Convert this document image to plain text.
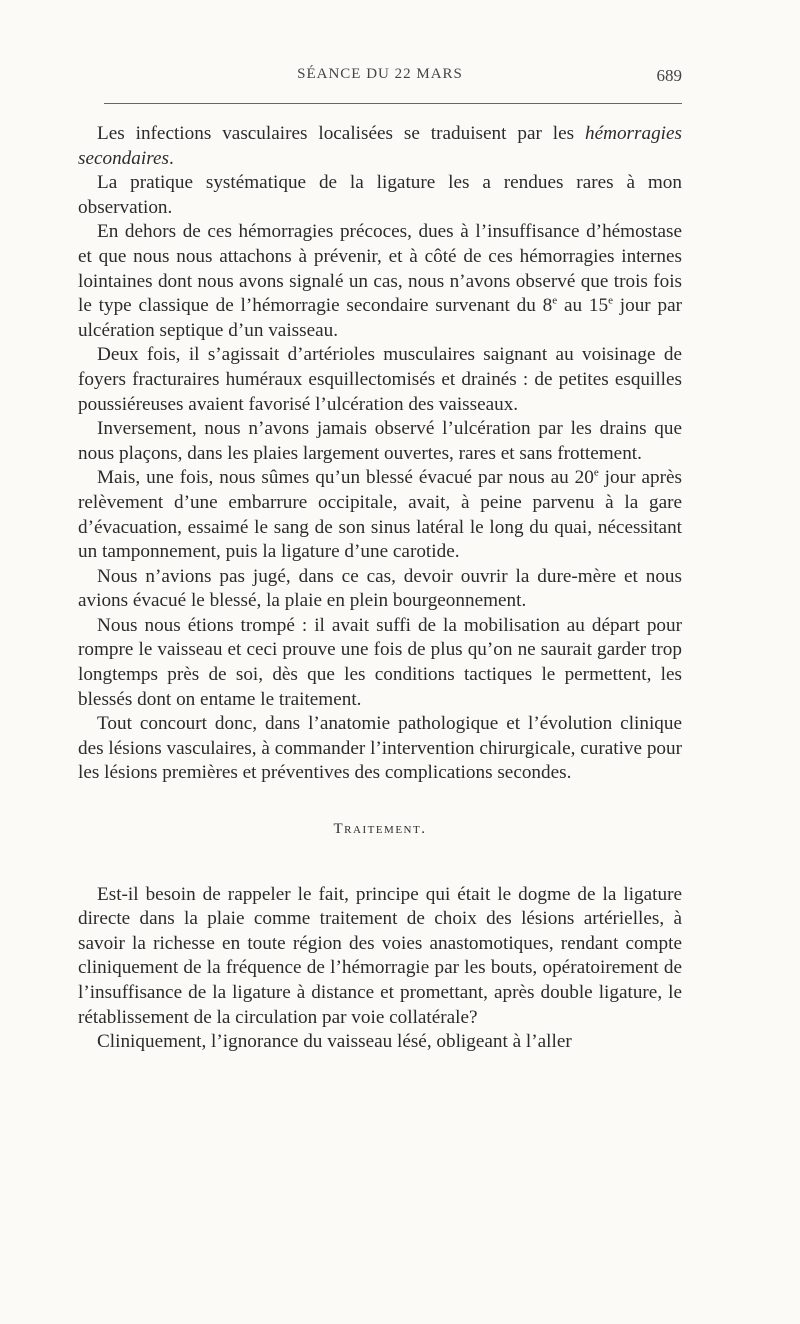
SÉANCE DU 22 MARS	689

Les infections vasculaires localisées se traduisent par les hémorragies secondaires.

La pratique systématique de la ligature les a rendues rares à mon observation.

En dehors de ces hémorragies précoces, dues à l’insuffisance d’hémostase et que nous nous attachons à prévenir, et à côté de ces hémorragies internes lointaines dont nous avons signalé un cas, nous n’avons observé que trois fois le type classique de l’hémorragie secondaire survenant du 8e au 15e jour par ulcération septique d’un vaisseau.

Deux fois, il s’agissait d’artérioles musculaires saignant au voisinage de foyers fracturaires huméraux esquillectomisés et drainés : de petites esquilles poussiéreuses avaient favorisé l’ulcération des vaisseaux.

Inversement, nous n’avons jamais observé l’ulcération par les drains que nous plaçons, dans les plaies largement ouvertes, rares et sans frottement.

Mais, une fois, nous sûmes qu’un blessé évacué par nous au 20e jour après relèvement d’une embarrure occipitale, avait, à peine parvenu à la gare d’évacuation, essaimé le sang de son sinus latéral le long du quai, nécessitant un tamponnement, puis la ligature d’une carotide.

Nous n’avions pas jugé, dans ce cas, devoir ouvrir la dure-mère et nous avions évacué le blessé, la plaie en plein bourgeonnement.

Nous nous étions trompé : il avait suffi de la mobilisation au départ pour rompre le vaisseau et ceci prouve une fois de plus qu’on ne saurait garder trop longtemps près de soi, dès que les conditions tactiques le permettent, les blessés dont on entame le traitement.

Tout concourt donc, dans l’anatomie pathologique et l’évolution clinique des lésions vasculaires, à commander l’intervention chirurgicale, curative pour les lésions premières et préventives des complications secondes.

Traitement.

Est-il besoin de rappeler le fait, principe qui était le dogme de la ligature directe dans la plaie comme traitement de choix des lésions artérielles, à savoir la richesse en toute région des voies anastomotiques, rendant compte cliniquement de la fréquence de l’hémorragie par les bouts, opératoirement de l’insuffisance de la ligature à distance et promettant, après double ligature, le rétablissement de la circulation par voie collatérale?

Cliniquement, l’ignorance du vaisseau lésé, obligeant à l’aller
